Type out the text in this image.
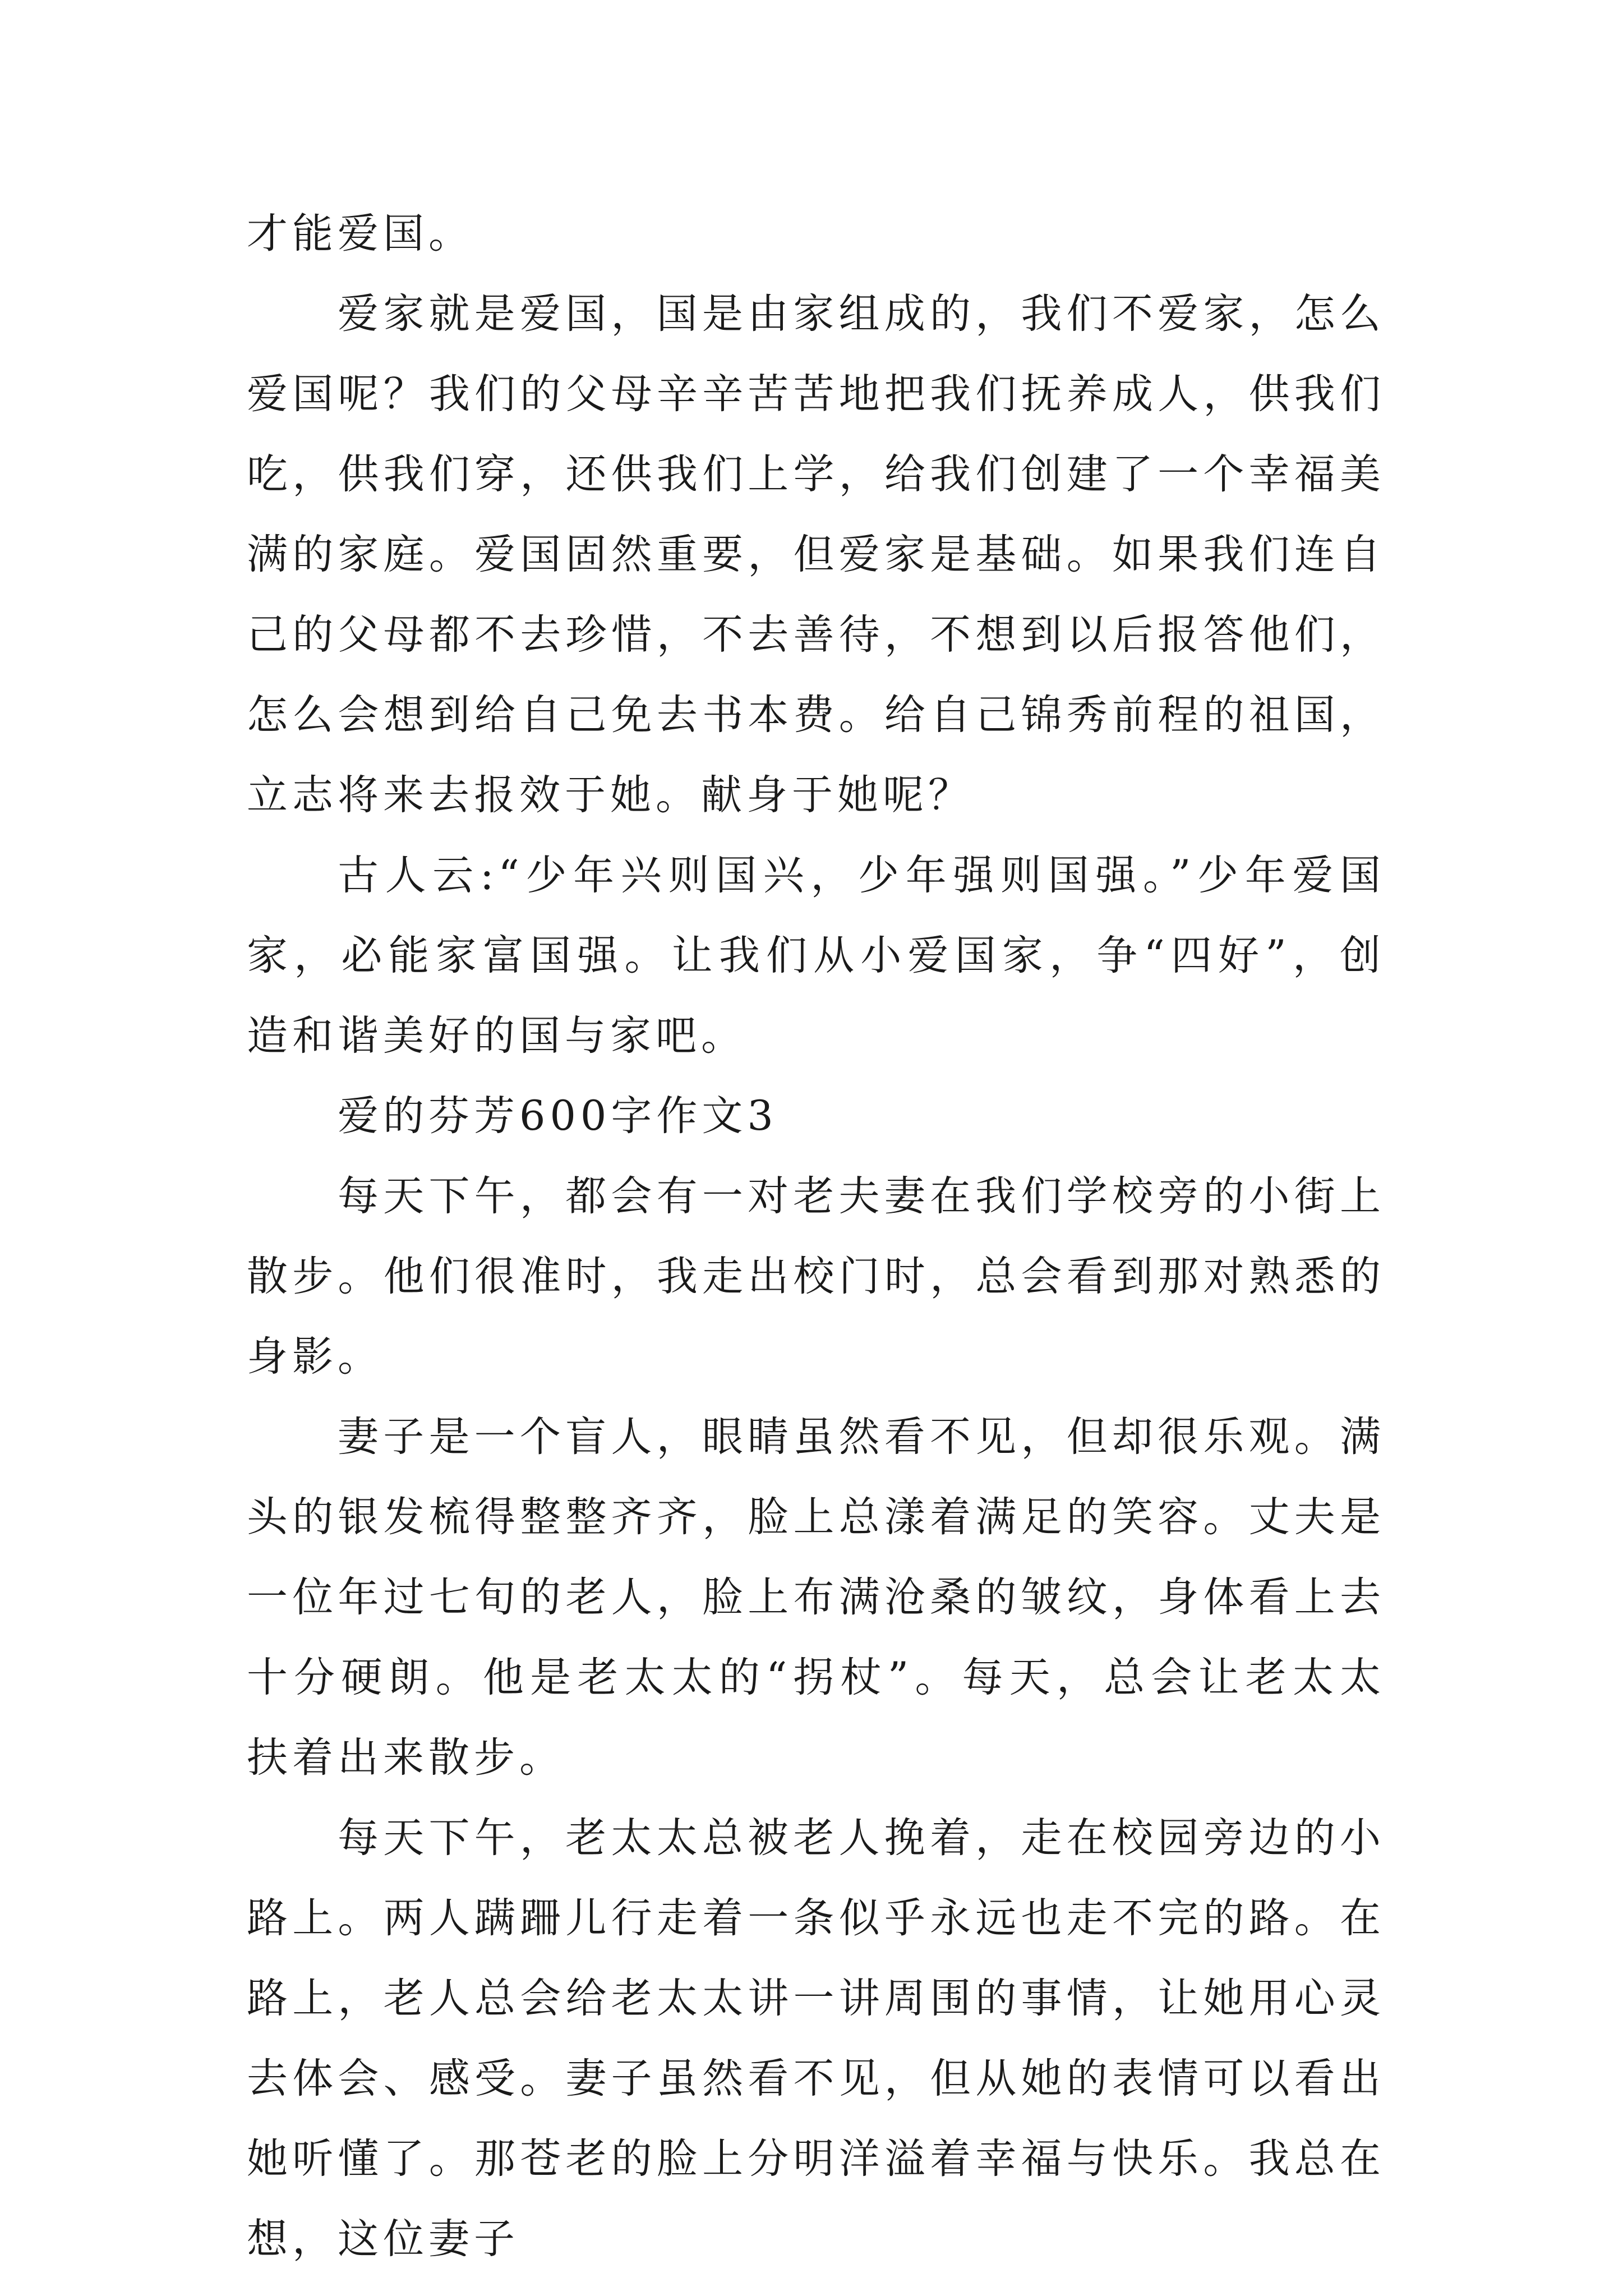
才能爱国。

爱家就是爱国，国是由家组成的，我们不爱家，怎么爱国呢？我们的父母辛辛苦苦地把我们抚养成人，供我们吃，供我们穿，还供我们上学，给我们创建了一个幸福美满的家庭。爱国固然重要，但爱家是基础。如果我们连自己的父母都不去珍惜，不去善待，不想到以后报答他们，怎么会想到给自己免去书本费。给自己锦秀前程的祖国，立志将来去报效于她。献身于她呢？

古人云:“少年兴则国兴，少年强则国强。”少年爱国家，必能家富国强。让我们从小爱国家，争“四好”，创造和谐美好的国与家吧。

爱的芬芳600字作文3

每天下午，都会有一对老夫妻在我们学校旁的小街上散步。他们很准时，我走出校门时，总会看到那对熟悉的身影。

妻子是一个盲人，眼睛虽然看不见，但却很乐观。满头的银发梳得整整齐齐，脸上总漾着满足的笑容。丈夫是一位年过七旬的老人，脸上布满沧桑的皱纹，身体看上去十分硬朗。他是老太太的“拐杖”。每天，总会让老太太扶着出来散步。

每天下午，老太太总被老人挽着，走在校园旁边的小路上。两人蹒跚儿行走着一条似乎永远也走不完的路。在路上，老人总会给老太太讲一讲周围的事情，让她用心灵去体会、感受。妻子虽然看不见，但从她的表情可以看出她听懂了。那苍老的脸上分明洋溢着幸福与快乐。我总在想，这位妻子
